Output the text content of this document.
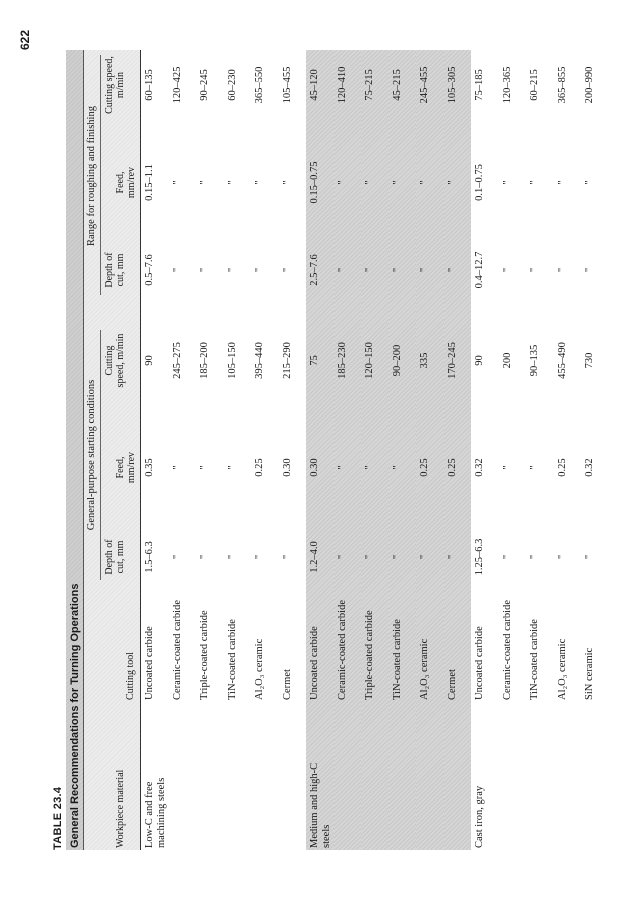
622
TABLE 23.4 General Recommendations for Turning Operations
General-purpose starting conditions
Range for roughing and finishing
Workpiece material
Cutting tool
Depth of cut, mm
Feed, mm/rev
Cutting speed, m/min
Depth of cut, mm
Feed, mm/rev
Cutting speed, m/min
Low-C and free machining steels
Uncoated carbide
1.5–6.3
0.35
90
0.5–7.6
0.15–1.1
60–135
Ceramic-coated carbide
"
"
245–275
"
"
120–425
Triple-coated carbide
"
"
185–200
"
"
90–245
TiN-coated carbide
"
"
105–150
"
"
60–230
Al₂O₃ ceramic
"
0.25
395–440
"
"
365–550
Cermet
"
0.30
215–290
"
"
105–455
Medium and high-C steels
Uncoated carbide
1.2–4.0
0.30
75
2.5–7.6
0.15–0.75
45–120
Ceramic-coated carbide
"
"
185–230
"
"
120–410
Triple-coated carbide
"
"
120–150
"
"
75–215
TiN-coated carbide
"
"
90–200
"
"
45–215
Al₂O₃ ceramic
"
0.25
335
"
"
245–455
Cermet
"
0.25
170–245
"
"
105–305
Cast iron, gray
Uncoated carbide
1.25–6.3
0.32
90
0.4–12.7
0.1–0.75
75–185
Ceramic-coated carbide
"
"
200
"
"
120–365
TiN-coated carbide
"
"
90–135
"
"
60–215
Al₂O₃ ceramic
"
0.25
455–490
"
"
365–855
SiN ceramic
"
0.32
730
"
"
200–990
